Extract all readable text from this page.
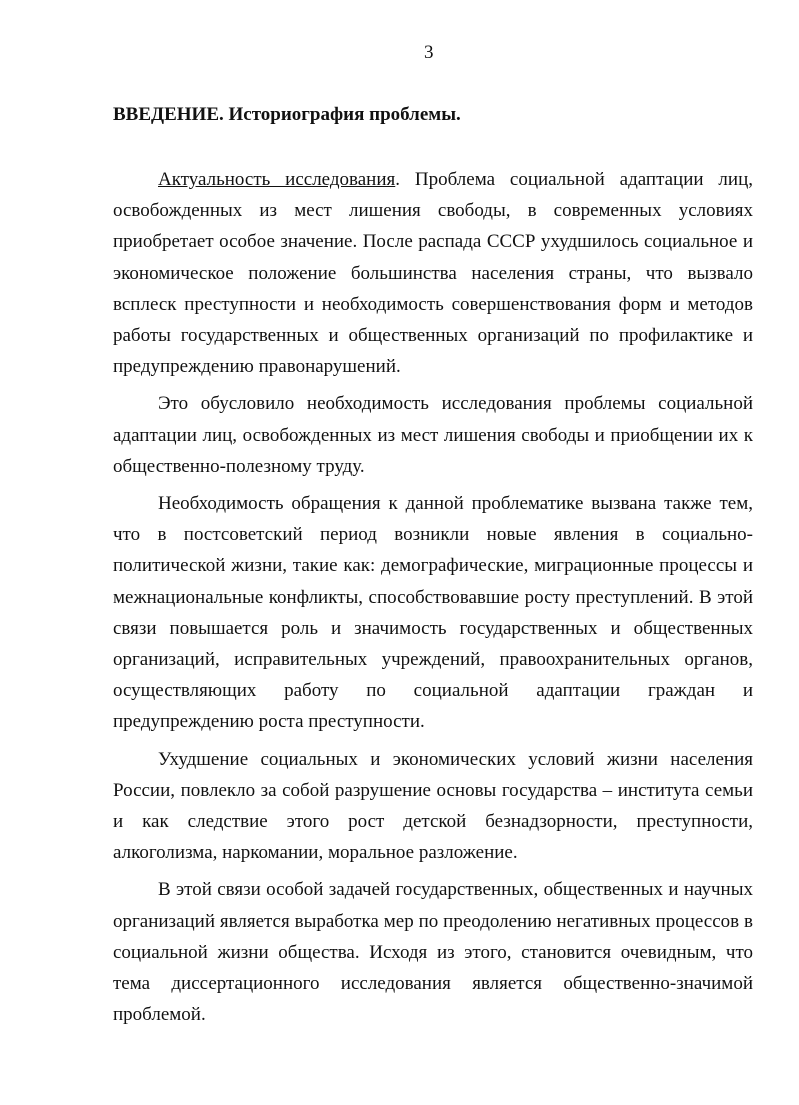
3
ВВЕДЕНИЕ. Историография проблемы.

Актуальность исследования. Проблема социальной адаптации лиц, освобожденных из мест лишения свободы, в современных условиях приобретает особое значение. После распада СССР ухудшилось социальное и экономическое положение большинства населения страны, что вызвало всплеск преступности и необходимость совершенствования форм и методов работы государственных и общественных организаций по профилактике и предупреждению правонарушений.

Это обусловило необходимость исследования проблемы социальной адаптации лиц, освобожденных из мест лишения свободы и приобщении их к общественно-полезному труду.

Необходимость обращения к данной проблематике вызвана также тем, что в постсоветский период возникли новые явления в социально-политической жизни, такие как: демографические, миграционные процессы и межнациональные конфликты, способствовавшие росту преступлений. В этой связи повышается роль и значимость государственных и общественных организаций, исправительных учреждений, правоохранительных органов, осуществляющих работу по социальной адаптации граждан и предупреждению роста преступности.

Ухудшение социальных и экономических условий жизни населения России, повлекло за собой разрушение основы государства – института семьи и как следствие этого рост детской безнадзорности, преступности, алкоголизма, наркомании, моральное разложение.

В этой связи особой задачей государственных, общественных и научных организаций является выработка мер по преодолению негативных процессов в социальной жизни общества. Исходя из этого, становится очевидным, что тема диссертационного исследования является общественно-значимой проблемой.
